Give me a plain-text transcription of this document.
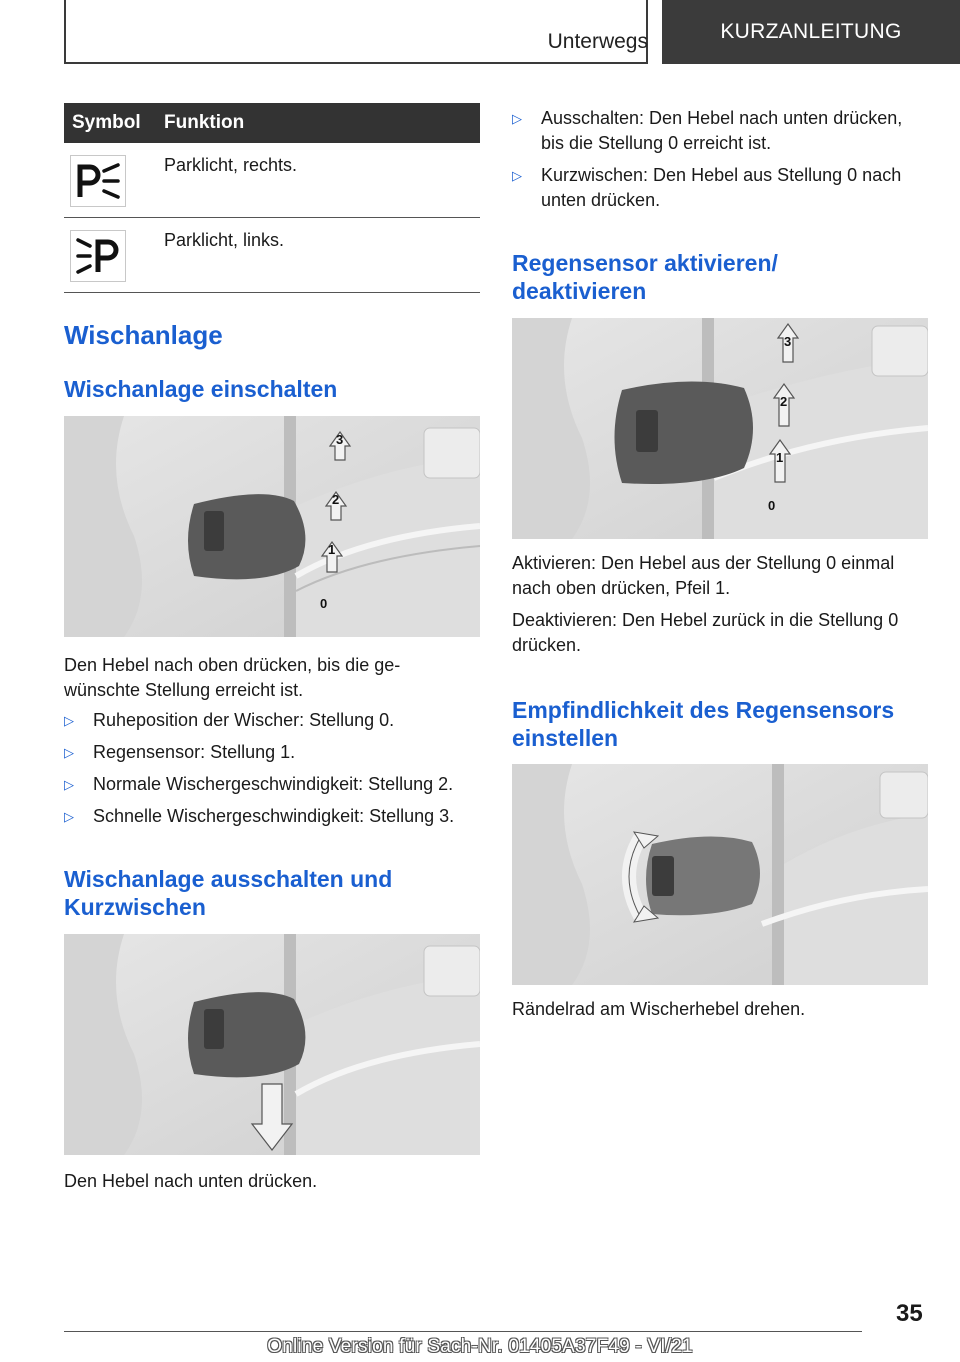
Unterwegs	KURZANLEITUNG
Symbol	Funktion
Parklicht, rechts.
Parklicht, links.
Wischanlage
Wischanlage einschalten
3
2
1
0

Den Hebel nach oben drücken, bis die ge-
wünschte Stellung erreicht ist.

▷ Ruheposition der Wischer: Stellung 0.
▷ Regensensor: Stellung 1.
▷ Normale Wischergeschwindigkeit: Stellung 2.
▷ Schnelle Wischergeschwindigkeit: Stellung 3.
Wischanlage ausschalten und
Kurzwischen

Den Hebel nach unten drücken.

▷ Ausschalten: Den Hebel nach unten drücken,
bis die Stellung 0 erreicht ist.
▷ Kurzwischen: Den Hebel aus Stellung 0 nach
unten drücken.
Regensensor aktivieren/
deaktivieren
3
2
1
0

Aktivieren: Den Hebel aus der Stellung 0 einmal
nach oben drücken, Pfeil 1.

Deaktivieren: Den Hebel zurück in die Stellung 0
drücken.

Empfindlichkeit des Regensensors
einstellen

Rändelrad am Wischerhebel drehen.

35
Online Version für Sach-Nr. 01405A37F49 - VI/21
